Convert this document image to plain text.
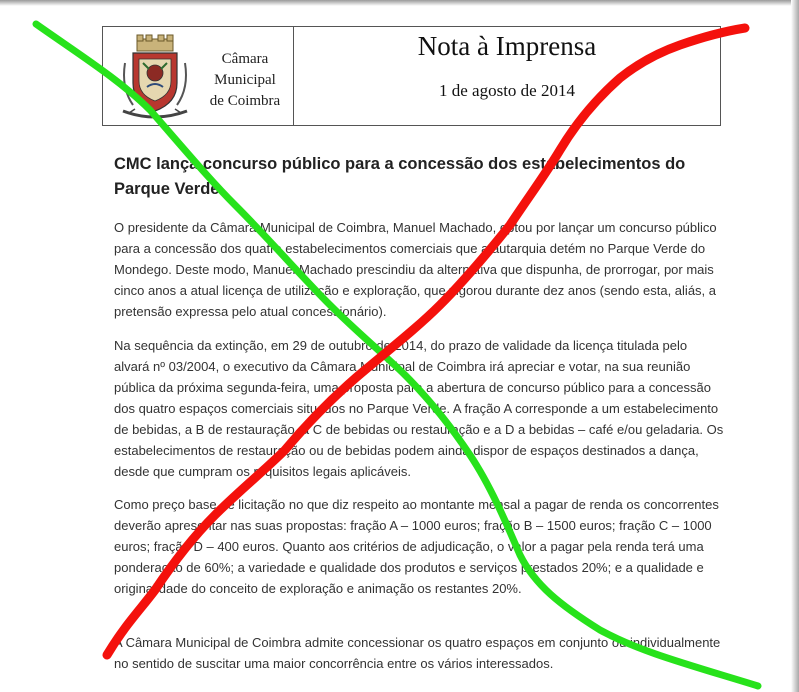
Câmara
Municipal
de Coimbra
Nota à Imprensa
1 de agosto de 2014
CMC lança concurso público para a concessão dos estabelecimentos do Parque Verde

O presidente da Câmara Municipal de Coimbra, Manuel Machado, optou por lançar um concurso público para a concessão dos quatro estabelecimentos comerciais que a autarquia detém no Parque Verde do Mondego. Deste modo, Manuel Machado prescindiu da alternativa que dispunha, de prorrogar, por mais cinco anos a atual licença de utilização e exploração, que vigorou durante dez anos (sendo esta, aliás, a pretensão expressa pelo atual concessionário).

Na sequência da extinção, em 29 de outubro de 2014, do prazo de validade da licença titulada pelo alvará nº 03/2004, o executivo da Câmara Municipal de Coimbra irá apreciar e votar, na sua reunião pública da próxima segunda-feira, uma proposta para a abertura de concurso público para a concessão dos quatro espaços comerciais situados no Parque Verde. A fração A corresponde a um estabelecimento de bebidas, a B de restauração, a C de bebidas ou restauração e a D a bebidas – café e/ou geladaria. Os estabelecimentos de restauração ou de bebidas podem ainda dispor de espaços destinados a dança, desde que cumpram os requisitos legais aplicáveis.

Como preço base de licitação no que diz respeito ao montante mensal a pagar de renda os concorrentes deverão apresentar nas suas propostas: fração A – 1000 euros; fração B – 1500 euros; fração C – 1000 euros; fração D – 400 euros. Quanto aos critérios de adjudicação, o valor a pagar pela renda terá uma ponderação de 60%; a variedade e qualidade dos produtos e serviços prestados 20%; e a qualidade e originalidade do conceito de exploração e animação os restantes 20%.

A Câmara Municipal de Coimbra admite concessionar os quatro espaços em conjunto ou individualmente no sentido de suscitar uma maior concorrência entre os vários interessados.
